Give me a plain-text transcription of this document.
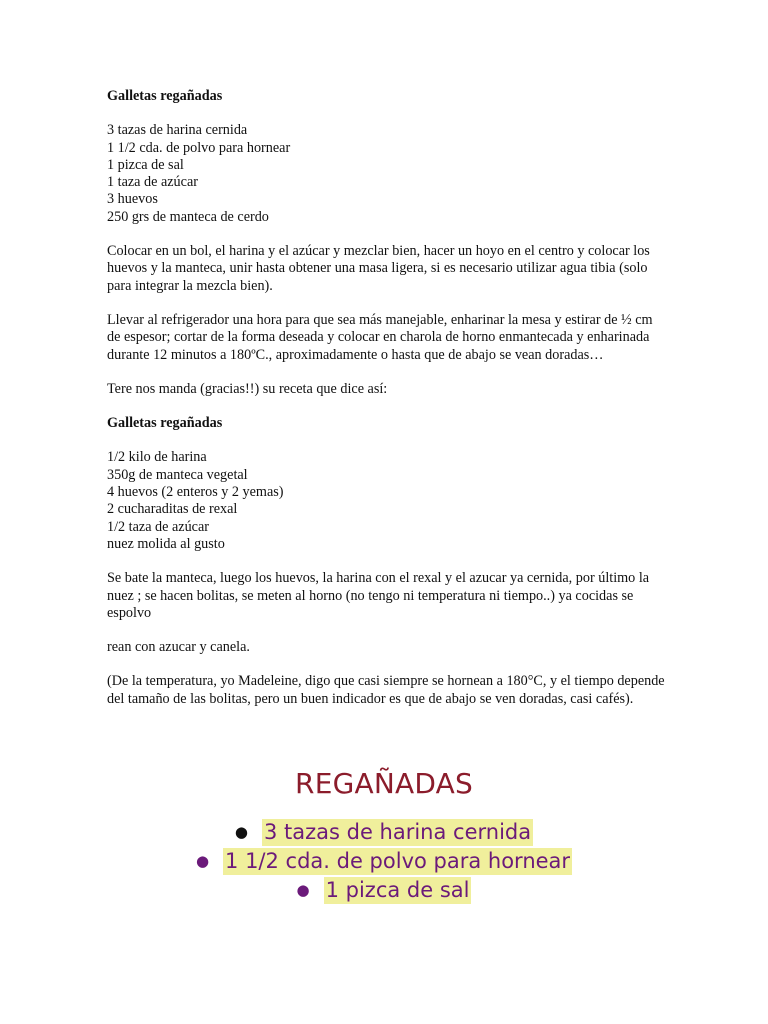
Galletas regañadas

3 tazas de harina cernida
1 1/2 cda. de polvo para hornear
1 pizca de sal
1 taza de azúcar
3 huevos
250 grs de manteca de cerdo

Colocar en un bol, el harina y el azúcar y mezclar bien, hacer un hoyo en el centro y colocar los huevos y la manteca, unir hasta obtener una masa ligera, si es necesario utilizar agua tibia (solo para integrar la mezcla bien).

Llevar al refrigerador una hora para que sea más manejable, enharinar la mesa y estirar de ½ cm de espesor; cortar de la forma deseada y colocar en charola de horno enmantecada y enharinada durante 12 minutos a 180ºC., aproximadamente o hasta que de abajo se vean doradas…

Tere nos manda (gracias!!) su receta que dice así:

Galletas regañadas

1/2 kilo de harina
350g de manteca vegetal
4 huevos (2 enteros y 2 yemas)
2 cucharaditas de rexal
1/2 taza de azúcar
nuez molida al gusto

Se bate la manteca, luego los huevos, la harina con el rexal y el azucar ya cernida, por último la nuez ; se hacen bolitas, se meten al horno (no tengo ni temperatura ni tiempo..) ya cocidas se espolvo

rean con azucar y canela.

(De la temperatura, yo Madeleine, digo que casi siempre se hornean a 180°C, y el tiempo depende del tamaño de las bolitas, pero un buen indicador es que de abajo se ven doradas, casi cafés).

REGAÑADAS
● 3 tazas de harina cernida
● 1 1/2 cda. de polvo para hornear
● 1 pizca de sal
